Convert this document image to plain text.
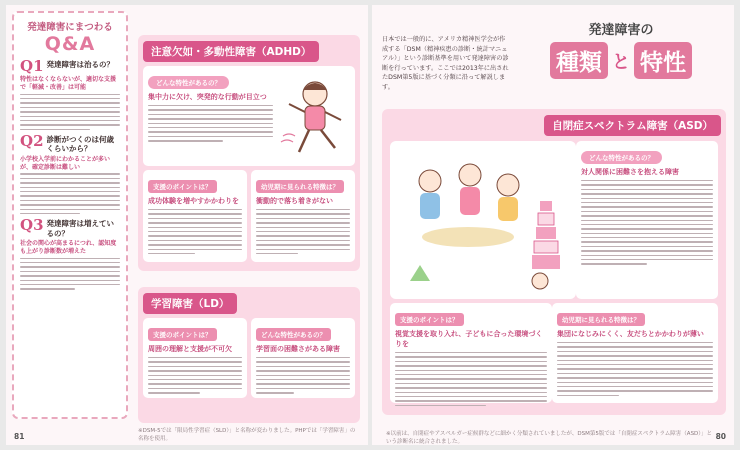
発達障害にまつわる
Q&A
Q1 発達障害は治るの？
特性はなくならないが、適切な支援で「軽減・改善」は可能
Q2 診断がつくのは何歳くらいから？
小学校入学前にわかることが多いが、確定診断は難しい
Q3 発達障害は増えているの？
社会の関心が高まるにつれ、認知度も上がり診断数が増えた
注意欠如・多動性障害（ADHD）
どんな特性があるの？
集中力に欠け、突発的な行動が目立つ
支援のポイントは？
成功体験を増やすかかわりを
幼児期に見られる特徴は？
衝動的で落ち着きがない
学習障害（LD）
支援のポイントは？
周囲の理解と支援が不可欠
どんな特性があるの？
学習面の困難さがある障害
※DSM-5では「限局性学習症（SLD）」と名称が変わりました。PHPでは「学習障害」の名称を使用。
81
日本では一般的に、アメリカ精神医学会が作成する「DSM（精神疾患の診断・統計マニュアル）」という診断基準を用いて発達障害の診断を行っています。ここでは2013年に出されたDSM第5版に基づく分類に沿って解説します。
発達障害の
種類 と 特性
自閉症スペクトラム障害（ASD）
どんな特性があるの？
対人関係に困難さを抱える障害
支援のポイントは？
視覚支援を取り入れ、子どもに合った環境づくりを
幼児期に見られる特徴は？
集団になじみにくく、友だちとかかわりが薄い
※以前は、自閉症やアスペルガー症候群などに細かく分類されていましたが、DSM第5版では「自閉症スペクトラム障害（ASD）」という診断名に統合されました。
80
